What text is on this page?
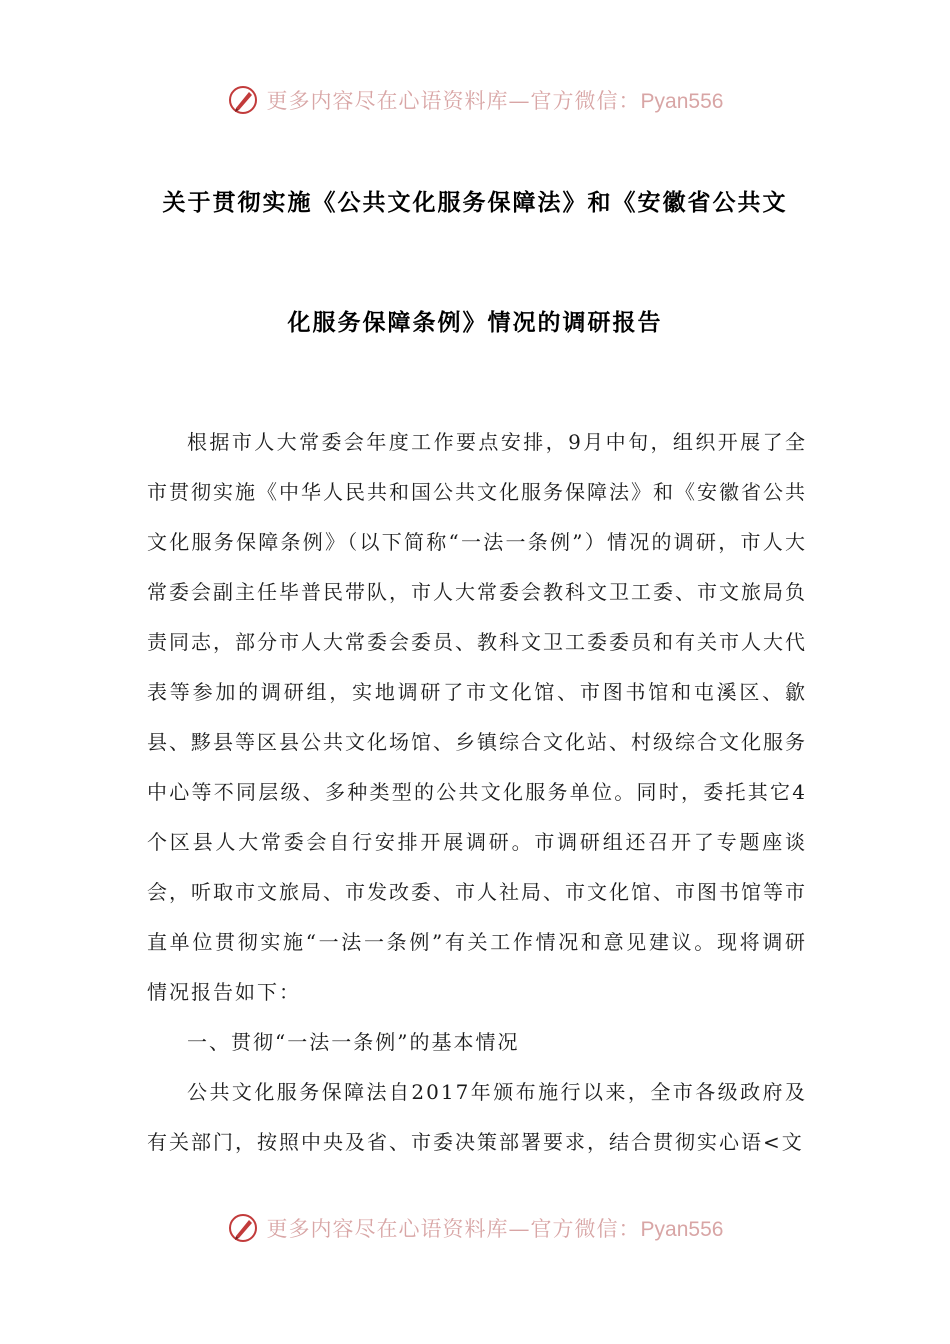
更多内容尽在心语资料库—官方微信：Pyan556
关于贯彻实施《公共文化服务保障法》和《安徽省公共文
化服务保障条例》情况的调研报告

根据市人大常委会年度工作要点安排，9月中旬，组织开展了全市贯彻实施《中华人民共和国公共文化服务保障法》和《安徽省公共文化服务保障条例》（以下简称“一法一条例”）情况的调研，市人大常委会副主任毕普民带队，市人大常委会教科文卫工委、市文旅局负责同志，部分市人大常委会委员、教科文卫工委委员和有关市人大代表等参加的调研组，实地调研了市文化馆、市图书馆和屯溪区、歙县、黟县等区县公共文化场馆、乡镇综合文化站、村级综合文化服务中心等不同层级、多种类型的公共文化服务单位。同时，委托其它4个区县人大常委会自行安排开展调研。市调研组还召开了专题座谈会，听取市文旅局、市发改委、市人社局、市文化馆、市图书馆等市直单位贯彻实施“一法一条例”有关工作情况和意见建议。现将调研情况报告如下：

一、贯彻“一法一条例”的基本情况

公共文化服务保障法自2017年颁布施行以来，全市各级政府及有关部门，按照中央及省、市委决策部署要求，结合贯彻实心语<文

更多内容尽在心语资料库—官方微信：Pyan556
